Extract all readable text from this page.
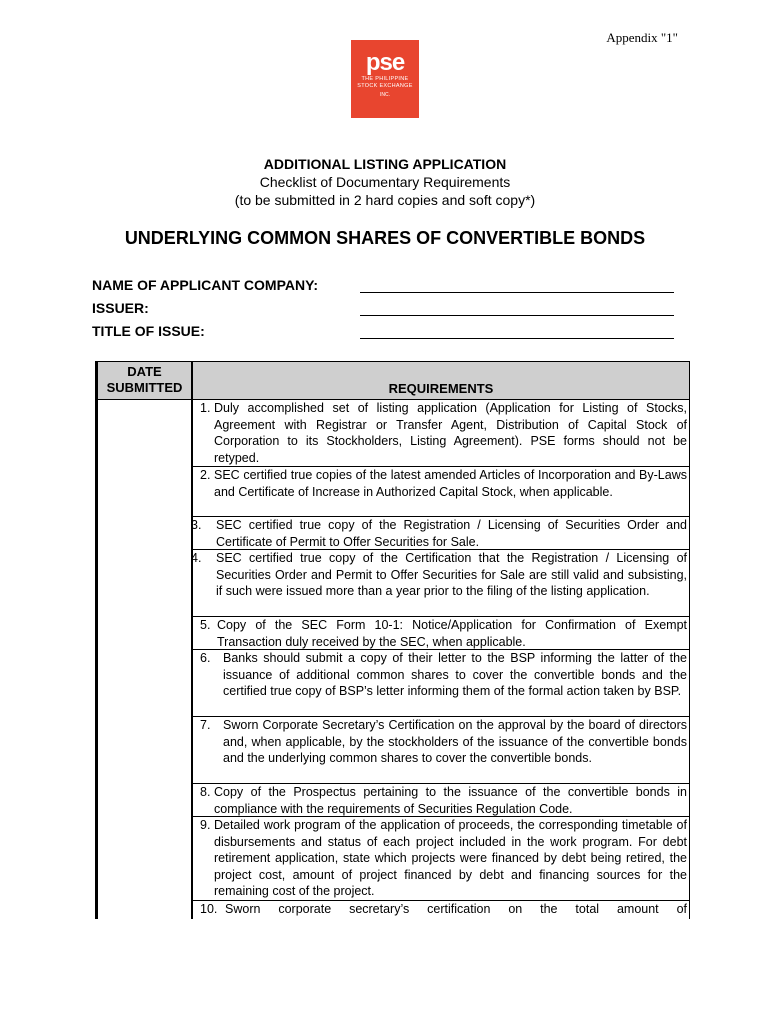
Appendix "1"
pse
THE PHILIPPINE
STOCK EXCHANGE
INC.
ADDITIONAL LISTING APPLICATION
Checklist of Documentary Requirements
(to be submitted in 2 hard copies and soft copy*)
UNDERLYING COMMON SHARES OF CONVERTIBLE BONDS
NAME OF APPLICANT COMPANY:
ISSUER:
TITLE OF ISSUE:
REQUIREMENTS
DATE SUBMITTED
1. Duly accomplished set of listing application (Application for Listing of Stocks, Agreement with Registrar or Transfer Agent, Distribution of Capital Stock of Corporation to its Stockholders, Listing Agreement). PSE forms should not be retyped.
2. SEC certified true copies of the latest amended Articles of Incorporation and By-Laws and Certificate of Increase in Authorized Capital Stock, when applicable.
3. SEC certified true copy of the Registration / Licensing of Securities Order and Certificate of Permit to Offer Securities for Sale.
4. SEC certified true copy of the Certification that the Registration / Licensing of Securities Order and Permit to Offer Securities for Sale are still valid and subsisting, if such were issued more than a year prior to the filing of the listing application.
5. Copy of the SEC Form 10-1: Notice/Application for Confirmation of Exempt Transaction duly received by the SEC, when applicable.
6. Banks should submit a copy of their letter to the BSP informing the latter of the issuance of additional common shares to cover the convertible bonds and the certified true copy of BSP’s letter informing them of the formal action taken by BSP.
7. Sworn Corporate Secretary’s Certification on the approval by the board of directors and, when applicable, by the stockholders of the issuance of the convertible bonds and the underlying common shares to cover the convertible bonds.
8. Copy of the Prospectus pertaining to the issuance of the convertible bonds in compliance with the requirements of Securities Regulation Code.
9. Detailed work program of the application of proceeds, the corresponding timetable of disbursements and status of each project included in the work program. For debt retirement application, state which projects were financed by debt being retired, the project cost, amount of project financed by debt and financing sources for the remaining cost of the project.
10. Sworn corporate secretary’s certification on the total amount of
